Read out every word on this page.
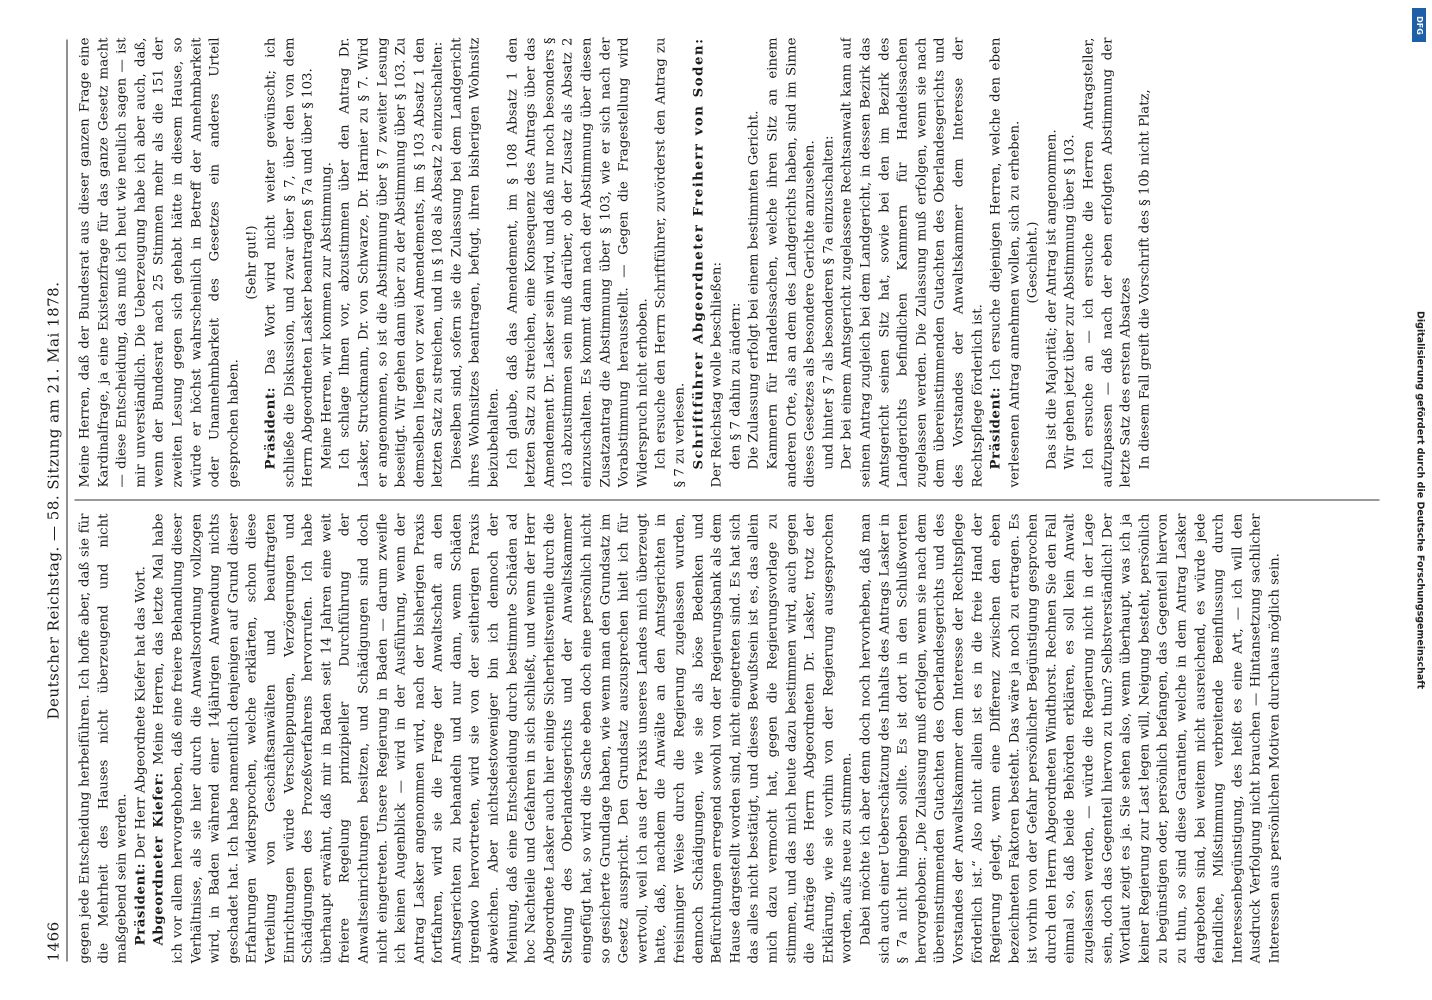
1466
Deutscher Reichstag. — 58. Sitzung am 21. Mai 1878.

gegen jede Entscheidung herbeiführen. Ich hoffe aber, daß sie für die Mehrheit des Hauses nicht überzeugend und nicht maßgebend sein werden. Präsident: Der Herr Abgeordnete Kiefer hat das Wort. Abgeordneter Kiefer: Meine Herren, das letzte Mal habe ich vor allem hervorgehoben, daß eine freiere Behandlung dieser Verhältnisse, als sie hier durch die Anwaltsordnung vollzogen wird, in Baden während einer 14jährigen Anwendung nichts geschadet hat. Ich habe namentlich denjenigen auf Grund dieser Erfahrungen widersprochen, welche erklärten, schon diese Verteilung von Geschäftsanwälten und beauftragten Einrichtungen würde Verschleppungen, Verzögerungen und Schädigungen des Prozeßverfahrens hervorrufen. Ich habe überhaupt erwähnt, daß mir in Baden seit 14 Jahren eine weit freiere Regelung prinzipieller Durchführung der Anwaltseinrichtungen besitzen, und Schädigungen sind doch nicht eingetreten. Unsere Regierung in Baden — darum zweifle ich keinen Augenblick — wird in der Ausführung, wenn der Antrag Lasker angenommen wird, nach der bisherigen Praxis fortfahren, wird sie die Frage der Anwaltschaft an den Amtsgerichten zu behandeln und nur dann, wenn Schäden irgendwo hervortreten, wird sie von der seitherigen Praxis abweichen. Aber nichtsdestoweniger bin ich dennoch der Meinung, daß eine Entscheidung durch bestimmte Schäden ad hoc Nachteile und Gefahren in sich schließt, und wenn der Herr Abgeordnete Lasker auch hier einige Sicherheitsventile durch die Stellung des Oberlandesgerichts und der Anwaltskammer eingefügt hat, so wird die Sache eben doch eine persönlich nicht so gesicherte Grundlage haben, wie wenn man den Grundsatz im Gesetz ausspricht. Den Grundsatz auszusprechen hielt ich für wertvoll, weil ich aus der Praxis unseres Landes mich überzeugt hatte, daß, nachdem die Anwälte an den Amtsgerichten in freisinniger Weise durch die Regierung zugelassen wurden, dennoch Schädigungen, wie sie als böse Bedenken und Befürchtungen erregend sowohl von der Regierungsbank als dem Hause dargestellt worden sind, nicht eingetreten sind. Es hat sich das alles nicht bestätigt, und dieses Bewußtsein ist es, das allein mich dazu vermocht hat, gegen die Regierungsvorlage zu stimmen, und das mich heute dazu bestimmen wird, auch gegen die Anträge des Herrn Abgeordneten Dr. Lasker, trotz der Erklärung, wie sie vorhin von der Regierung ausgesprochen worden, aufs neue zu stimmen. Dabei möchte ich aber denn doch noch hervorheben, daß man sich auch einer Ueberschätzung des Inhalts des Antrags Lasker in § 7a nicht hingeben sollte. Es ist dort in den Schlußworten hervorgehoben: „Die Zulassung muß erfolgen, wenn sie nach dem übereinstimmenden Gutachten des Oberlandesgerichts und des Vorstandes der Anwaltskammer dem Interesse der Rechtspflege förderlich ist.“ Also nicht allein ist es in die freie Hand der Regierung gelegt, wenn eine Differenz zwischen den eben bezeichneten Faktoren besteht. Das wäre ja noch zu ertragen. Es ist vorhin von der Gefahr persönlicher Begünstigung gesprochen durch den Herrn Abgeordneten Windthorst. Rechnen Sie den Fall einmal so, daß beide Behörden erklären, es soll kein Anwalt zugelassen werden, — würde die Regierung nicht in der Lage sein, doch das Gegenteil hiervon zu thun? Selbstverständlich! Der Wortlaut zeigt es ja. Sie sehen also, wenn überhaupt, was ich ja keiner Regierung zur Last legen will, Neigung besteht, persönlich zu begünstigen oder, persönlich befangen, das Gegenteil hiervon zu thun, so sind diese Garantien, welche in dem Antrag Lasker dargeboten sind, bei weitem nicht ausreichend, es würde jede feindliche, Mißstimmung verbreitende Beeinflussung durch Interessenbegünstigung, des heißt es eine Art, — ich will den Ausdruck Verfolgung nicht brauchen — Hintansetzung sachlicher Interessen aus persönlichen Motiven durchaus möglich sein.

Meine Herren, daß der Bundesrat aus dieser ganzen Frage eine Kardinalfrage, ja eine Existenzfrage für das ganze Gesetz macht — diese Entscheidung, das muß ich heut wie neulich sagen — ist mir unverständlich. Die Ueberzeugung habe ich aber auch, daß, wenn der Bundesrat nach 25 Stimmen mehr als die 151 der zweiten Lesung gegen sich gehabt hätte in diesem Hause, so würde er höchst wahrscheinlich in Betreff der Annehmbarkeit oder Unannehmbarkeit des Gesetzes ein anderes Urteil gesprochen haben.

(Sehr gut!)

Präsident: Das Wort wird nicht weiter gewünscht; ich schließe die Diskussion, und zwar über § 7, über den von dem Herrn Abgeordneten Lasker beantragten § 7a und über § 103. Meine Herren, wir kommen zur Abstimmung. Ich schlage Ihnen vor, abzustimmen über den Antrag Dr. Lasker, Struckmann, Dr. von Schwarze, Dr. Harnier zu § 7. Wird er angenommen, so ist die Abstimmung über § 7 zweiter Lesung beseitigt. Wir gehen dann über zu der Abstimmung über § 103. Zu demselben liegen vor zwei Amendements, im § 103 Absatz 1 den letzten Satz zu streichen, und in § 108 als Absatz 2 einzuschalten: Dieselben sind, sofern sie die Zulassung bei dem Landgericht ihres Wohnsitzes beantragen, befugt, ihren bisherigen Wohnsitz beizubehalten. Ich glaube, daß das Amendement, im § 108 Absatz 1 den letzten Satz zu streichen, eine Konsequenz des Antrags über das Amendement Dr. Lasker sein wird, und daß nur noch besonders § 103 abzustimmen sein muß darüber, ob der Zusatz als Absatz 2 einzuschalten. Es kommt dann nach der Abstimmung über diesen Zusatzantrag die Abstimmung über § 103, wie er sich nach der Vorabstimmung herausstellt. — Gegen die Fragestellung wird Widerspruch nicht erhoben. Ich ersuche den Herrn Schriftführer, zuvörderst den Antrag zu § 7 zu verlesen. Schriftführer Abgeordneter Freiherr von Soden: Der Reichstag wolle beschließen: den § 7 dahin zu ändern: Die Zulassung erfolgt bei einem bestimmten Gericht. Kammern für Handelssachen, welche ihren Sitz an einem anderen Orte, als an dem des Landgerichts haben, sind im Sinne dieses Gesetzes als besondere Gerichte anzusehen. und hinter § 7 als besonderen § 7a einzuschalten: Der bei einem Amtsgericht zugelassene Rechtsanwalt kann auf seinen Antrag zugleich bei dem Landgericht, in dessen Bezirk das Amtsgericht seinen Sitz hat, sowie bei den im Bezirk des Landgerichts befindlichen Kammern für Handelssachen zugelassen werden. Die Zulassung muß erfolgen, wenn sie nach dem übereinstimmenden Gutachten des Oberlandesgerichts und des Vorstandes der Anwaltskammer dem Interesse der Rechtspflege förderlich ist. Präsident: Ich ersuche diejenigen Herren, welche den eben verlesenen Antrag annehmen wollen, sich zu erheben. (Geschieht.) Das ist die Majorität; der Antrag ist angenommen. Wir gehen jetzt über zur Abstimmung über § 103. Ich ersuche an — ich ersuche die Herren Antragsteller, aufzupassen — daß nach der eben erfolgten Abstimmung der letzte Satz des ersten Absatzes In diesem Fall greift die Vorschrift des § 10b nicht Platz,

DFG
Digitalisierung gefördert durch die Deutsche Forschungsgemeinschaft
